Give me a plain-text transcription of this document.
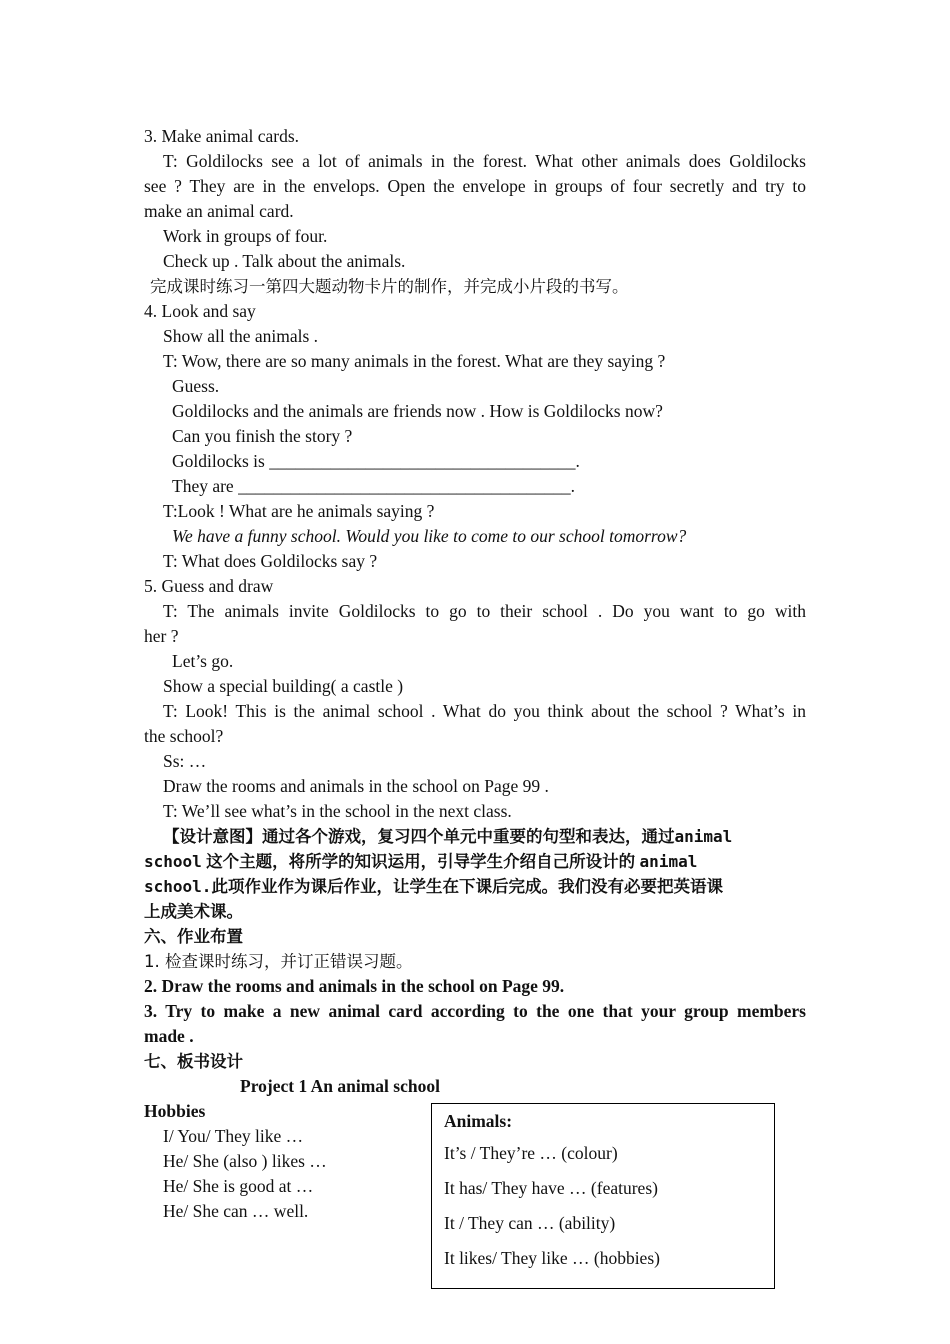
3. Make animal cards.
T: Goldilocks see a lot of animals in the forest. What other animals does Goldilocks
see ? They are in the envelops. Open the envelope in groups of four secretly and try to
make an animal card.
Work in groups of four.
Check up . Talk about the animals.
完成课时练习一第四大题动物卡片的制作，并完成小片段的书写。
4. Look and say
Show all the animals .
T: Wow, there are so many animals in the forest. What are they saying ?
Guess.
Goldilocks and the animals are friends now . How is Goldilocks now?
Can you finish the story ?
Goldilocks is ___________________________________.
They are ______________________________________.
T:Look ! What are he animals saying ?
We have a funny school. Would you like to come to our school tomorrow?
T: What does Goldilocks say ?
5. Guess and draw
T: The animals invite Goldilocks to go to their school . Do you want to go with
her ?
Let’s go.
Show a special building( a castle )
T: Look! This is the animal school . What do you think about the school ? What’s in
the school?
Ss: …
Draw the rooms and animals in the school on Page 99 .
T: We’ll see what’s in the school in the next class.
【设计意图】通过各个游戏，复习四个单元中重要的句型和表达，通过animal
school 这个主题，将所学的知识运用，引导学生介绍自己所设计的 animal
school.此项作业作为课后作业，让学生在下课后完成。我们没有必要把英语课
上成美术课。
六、作业布置
1. 检查课时练习，并订正错误习题。
2. Draw the rooms and animals in the school on Page 99.
3. Try to make a new animal card according to the one that your group members
made .
七、板书设计
Project 1 An animal school
Hobbies
I/ You/ They like …
He/ She (also ) likes …
He/ She is good at …
He/ She can … well.
Animals:
It’s / They’re … (colour)
It has/ They have … (features)
It / They can … (ability)
It likes/ They like … (hobbies)
